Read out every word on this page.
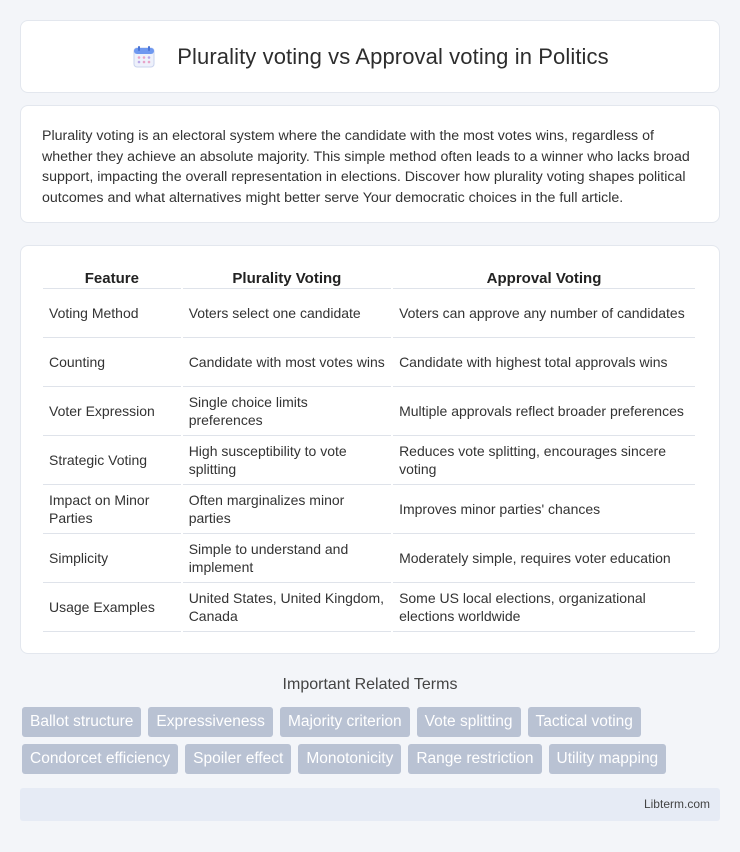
Plurality voting vs Approval voting in Politics

Plurality voting is an electoral system where the candidate with the most votes wins, regardless of whether they achieve an absolute majority. This simple method often leads to a winner who lacks broad support, impacting the overall representation in elections. Discover how plurality voting shapes political outcomes and what alternatives might better serve Your democratic choices in the full article.

Feature	Plurality Voting	Approval Voting
Voting Method	Voters select one candidate	Voters can approve any number of candidates
Counting	Candidate with most votes wins	Candidate with highest total approvals wins
Voter Expression	Single choice limits preferences	Multiple approvals reflect broader preferences
Strategic Voting	High susceptibility to vote splitting	Reduces vote splitting, encourages sincere voting
Impact on Minor Parties	Often marginalizes minor parties	Improves minor parties' chances
Simplicity	Simple to understand and implement	Moderately simple, requires voter education
Usage Examples	United States, United Kingdom, Canada	Some US local elections, organizational elections worldwide
Important Related Terms
Ballot structure	Expressiveness	Majority criterion	Vote splitting	Tactical voting
Condorcet efficiency	Spoiler effect	Monotonicity	Range restriction	Utility mapping
Libterm.com
